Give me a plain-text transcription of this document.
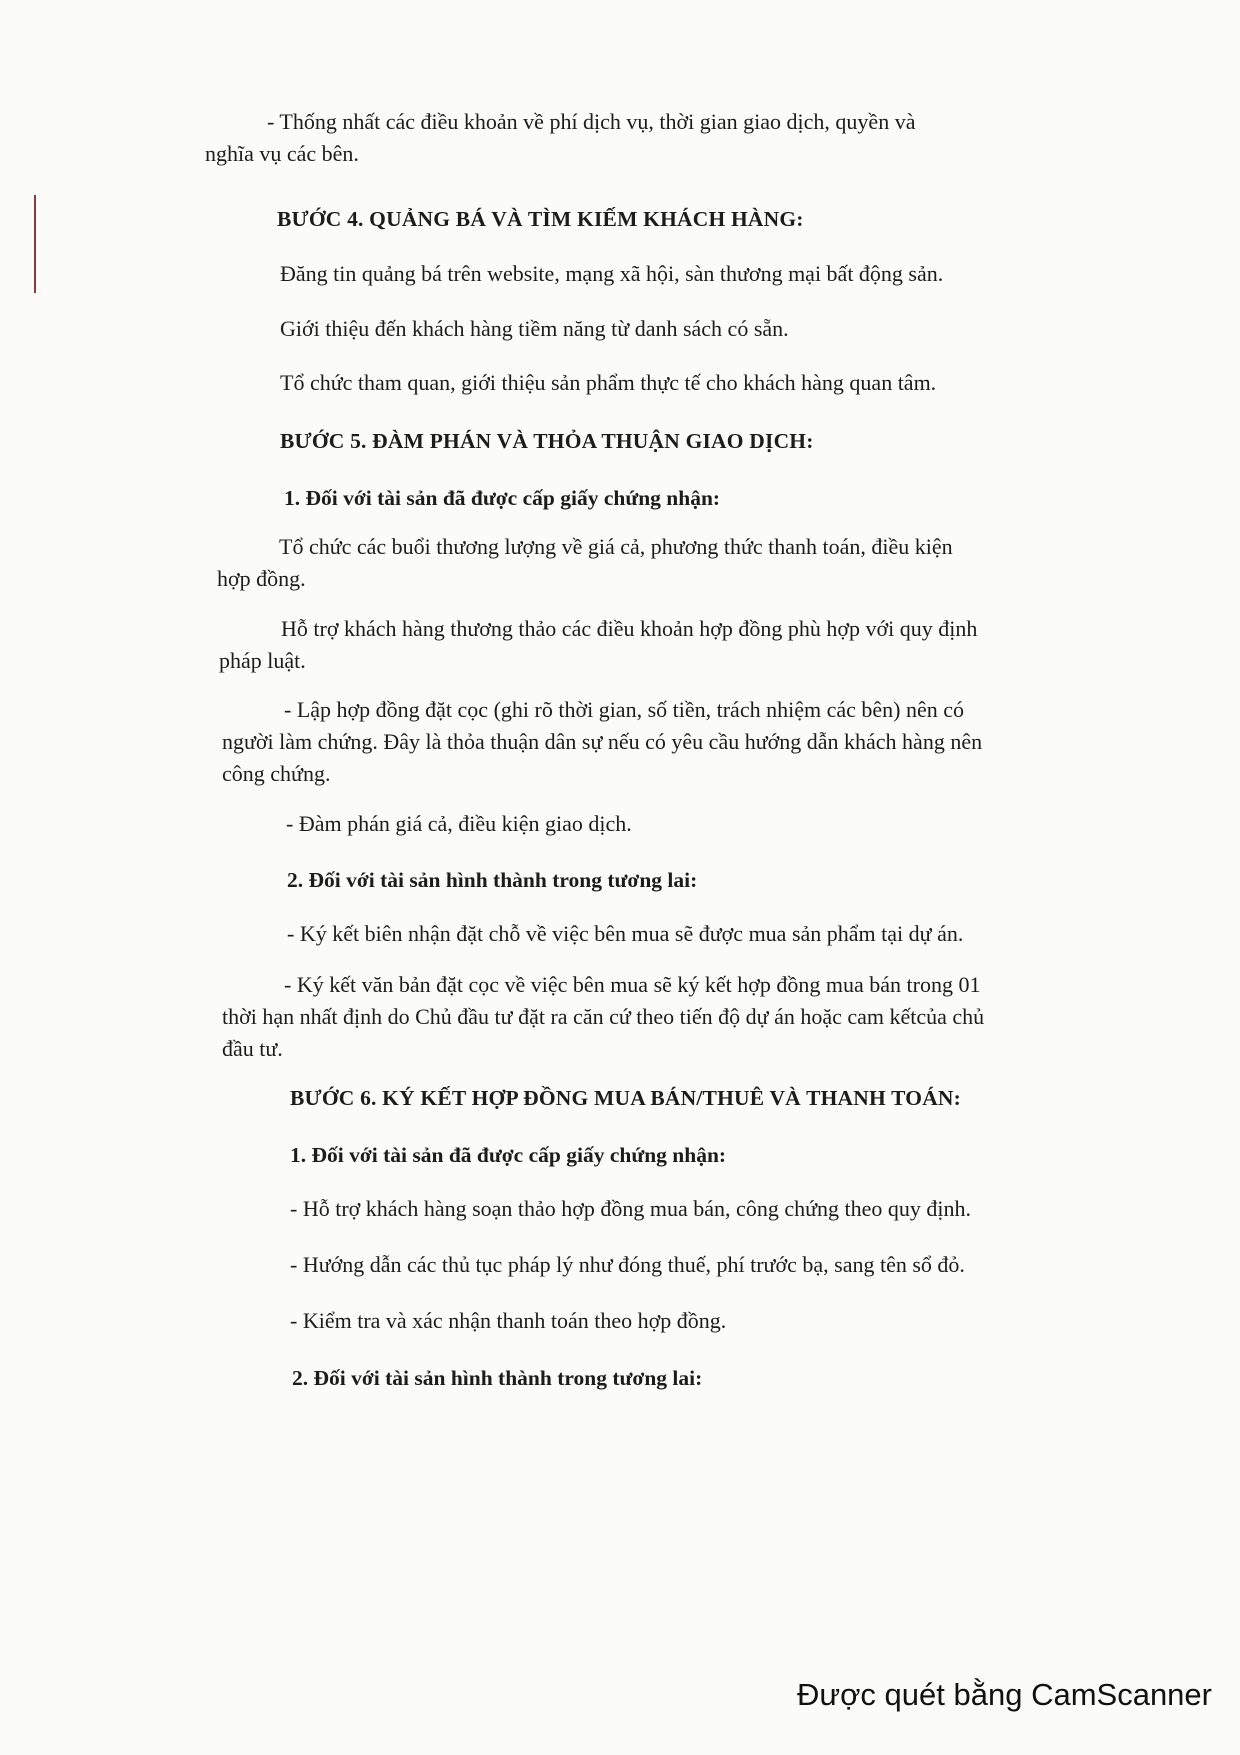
- Thống nhất các điều khoản về phí dịch vụ, thời gian giao dịch, quyền và
nghĩa vụ các bên.
BƯỚC 4. QUẢNG BÁ VÀ TÌM KIẾM KHÁCH HÀNG:
Đăng tin quảng bá trên website, mạng xã hội, sàn thương mại bất động sản.
Giới thiệu đến khách hàng tiềm năng từ danh sách có sẵn.
Tổ chức tham quan, giới thiệu sản phẩm thực tế cho khách hàng quan tâm.
BƯỚC 5. ĐÀM PHÁN VÀ THỎA THUẬN GIAO DỊCH:
1. Đối với tài sản đã được cấp giấy chứng nhận:
Tổ chức các buổi thương lượng về giá cả, phương thức thanh toán, điều kiện
hợp đồng.
Hỗ trợ khách hàng thương thảo các điều khoản hợp đồng phù hợp với quy định
pháp luật.
- Lập hợp đồng đặt cọc (ghi rõ thời gian, số tiền, trách nhiệm các bên) nên có
người làm chứng. Đây là thỏa thuận dân sự nếu có yêu cầu hướng dẫn khách hàng nên
công chứng.
- Đàm phán giá cả, điều kiện giao dịch.
2. Đối với tài sản hình thành trong tương lai:
- Ký kết biên nhận đặt chỗ về việc bên mua sẽ được mua sản phẩm tại dự án.
- Ký kết văn bản đặt cọc về việc bên mua sẽ ký kết hợp đồng mua bán trong 01
thời hạn nhất định do Chủ đầu tư đặt ra căn cứ theo tiến độ dự án hoặc cam kếtcủa chủ
đầu tư.
BƯỚC 6. KÝ KẾT HỢP ĐỒNG MUA BÁN/THUÊ VÀ THANH TOÁN:
1. Đối với tài sản đã được cấp giấy chứng nhận:
- Hỗ trợ khách hàng soạn thảo hợp đồng mua bán, công chứng theo quy định.
- Hướng dẫn các thủ tục pháp lý như đóng thuế, phí trước bạ, sang tên sổ đỏ.
- Kiểm tra và xác nhận thanh toán theo hợp đồng.
2. Đối với tài sản hình thành trong tương lai:
Được quét bằng CamScanner
